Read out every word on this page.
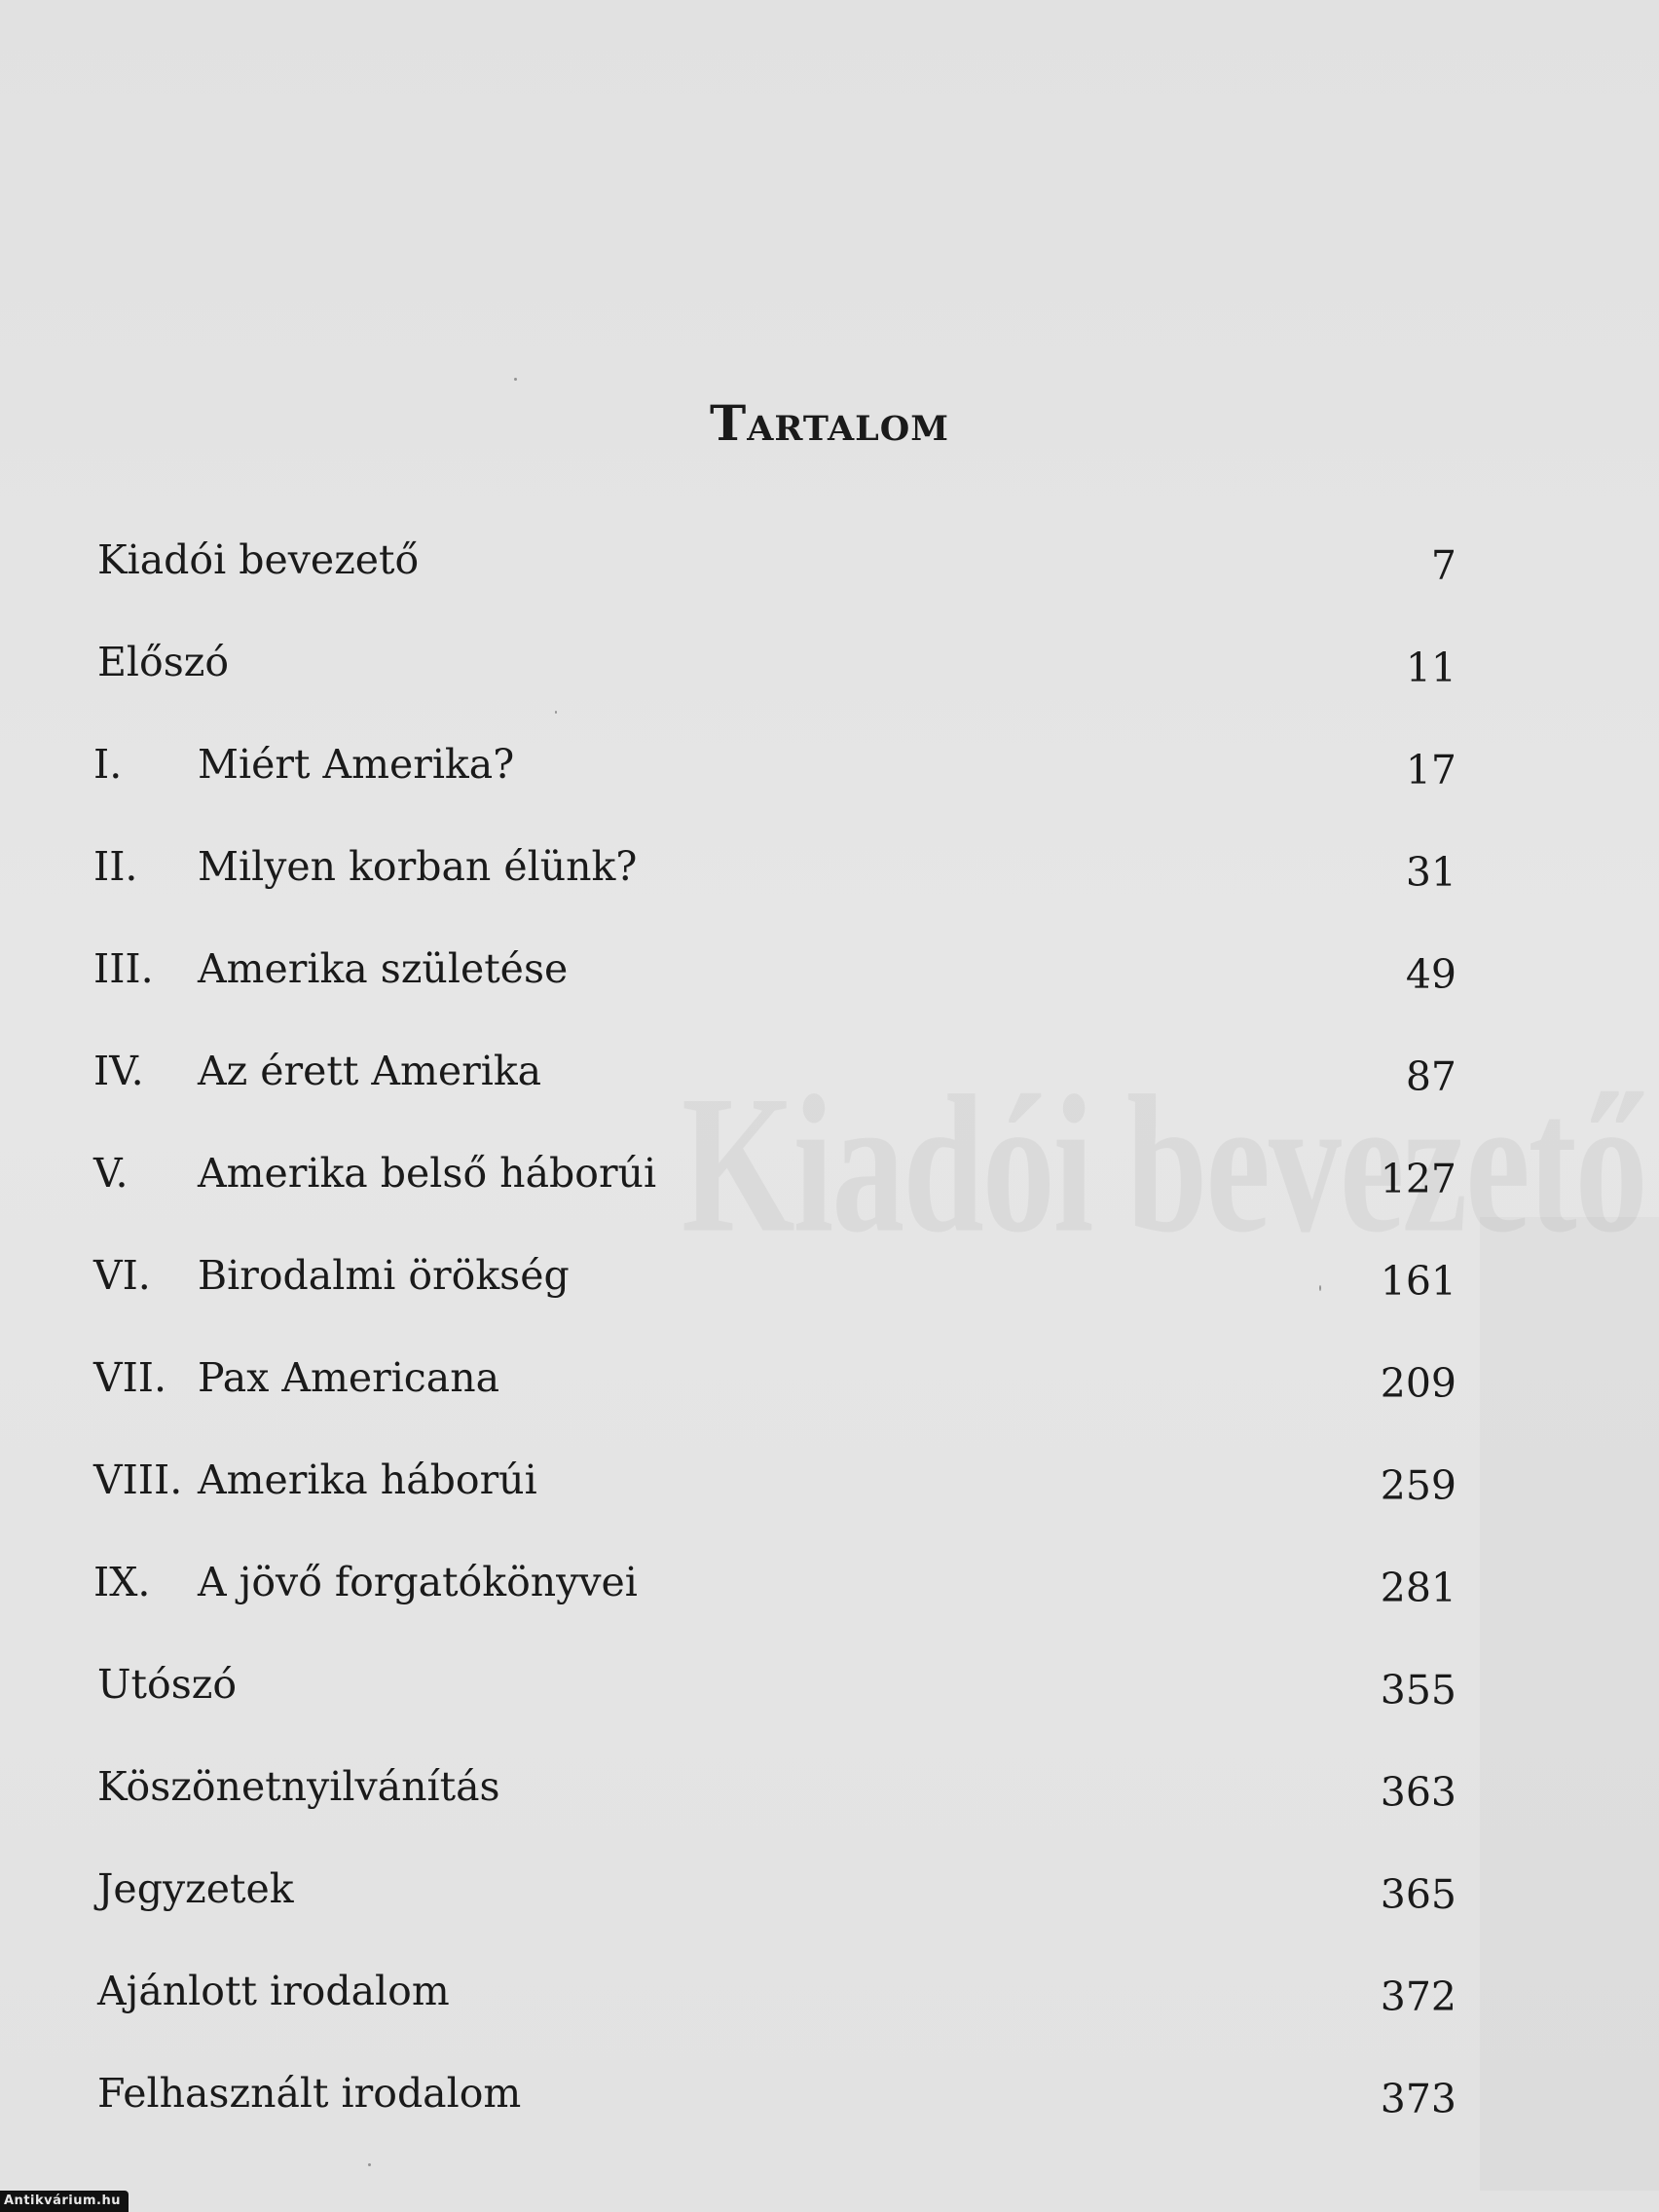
Tartalom
Kiadói bevezető	7
Előszó	11
I. Miért Amerika?	17
II. Milyen korban élünk?	31
III. Amerika születése	49
IV. Az érett Amerika	87
V. Amerika belső háborúi	127
VI. Birodalmi örökség	161
VII. Pax Americana	209
VIII. Amerika háborúi	259
IX. A jövő forgatókönyvei	281
Utószó	355
Köszönetnyilvánítás	363
Jegyzetek	365
Ajánlott irodalom	372
Felhasznált irodalom	373
Antikvárium.hu
